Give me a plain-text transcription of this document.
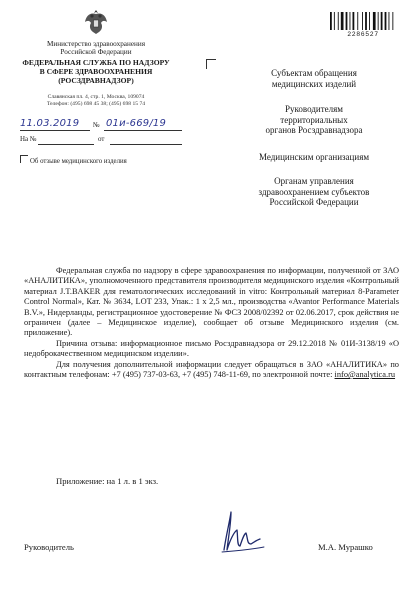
Министерство здравоохранения
Российской Федерации
ФЕДЕРАЛЬНАЯ СЛУЖБА ПО НАДЗОРУ
В СФЕРЕ ЗДРАВООХРАНЕНИЯ
(РОСЗДРАВНАДЗОР)
Славянская пл. 4, стр. 1, Москва, 109074
Телефон: (495) 698 45 38; (495) 698 15 74
11.03.2019 № 01и-669/19
На №	от
Об отзыве медицинского изделия
2286527
Субъектам обращения
медицинских изделий
Руководителям
территориальных
органов Росздравнадзора
Медицинским организациям
Органам управления
здравоохранением субъектов
Российской Федерации

Федеральная служба по надзору в сфере здравоохранения по информации, полученной от ЗАО «АНАЛИТИКА», уполномоченного представителя производителя медицинского изделия «Контрольный материал J.T.BAKER для гематологических исследований in vitro: Контрольный материал 8-Parameter Control Normal», Кат. № 3634, LOT 233, Упак.: 1 x 2,5 мл., производства «Avantor Performance Materials B.V.», Нидерланды, регистрационное удостоверение № ФСЗ 2008/02392 от 02.06.2017, срок действия не ограничен (далее – Медицинское изделие), сообщает об отзыве Медицинского изделия (см. приложение).

Причина отзыва: информационное письмо Росздравнадзора от 29.12.2018 № 01И-3138/19 «О недоброкачественном медицинском изделии».

Для получения дополнительной информации следует обращаться в ЗАО «АНАЛИТИКА» по контактным телефонам: +7 (495) 737-03-63, +7 (495) 748-11-69, по электронной почте: info@analytica.ru

Приложение: на 1 л. в 1 экз.
Руководитель	М.А. Мурашко
